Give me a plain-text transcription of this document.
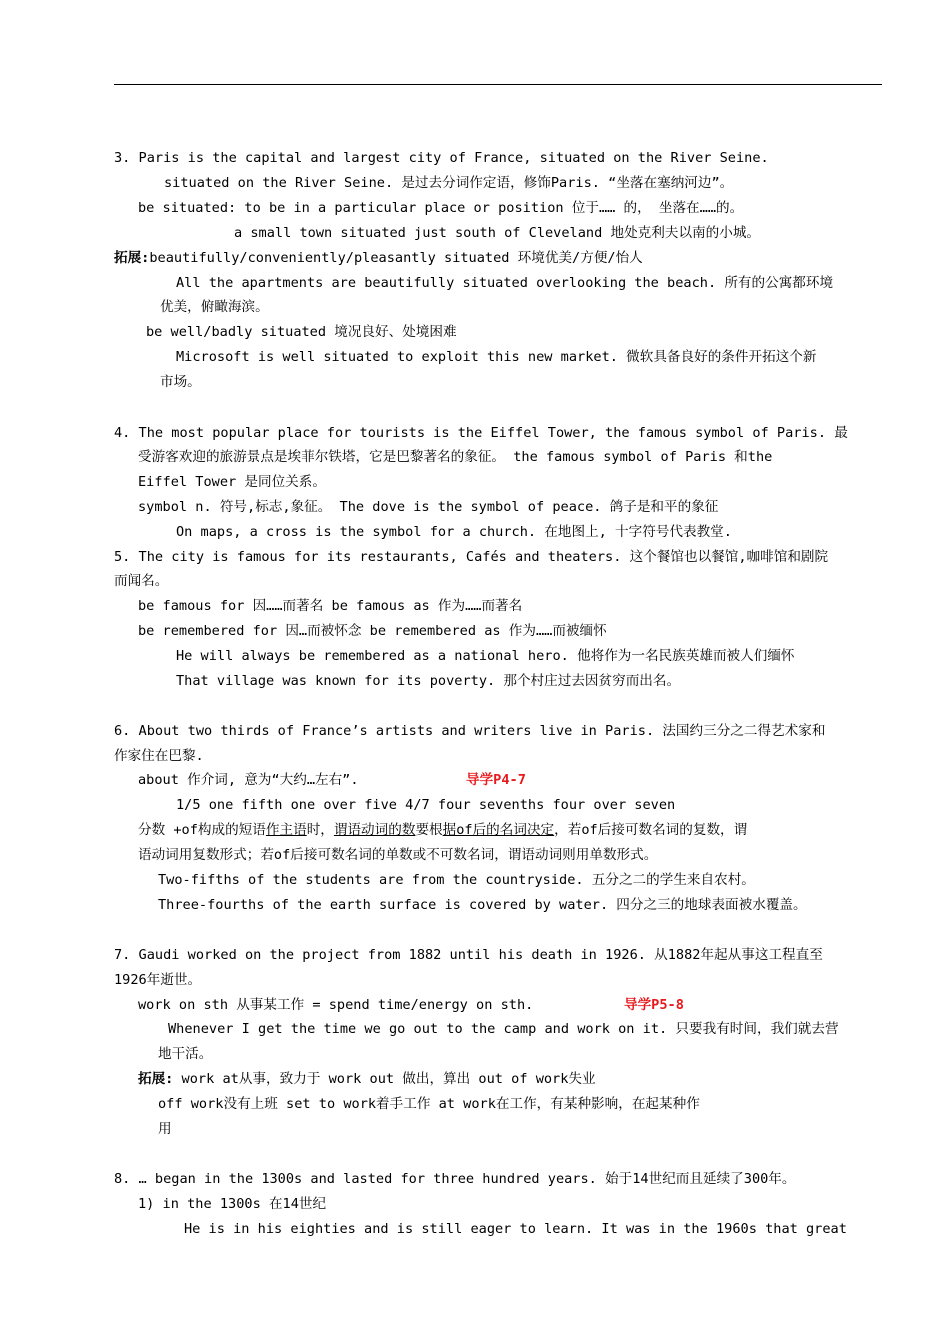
3. Paris is the capital and largest city of France, situated on the River Seine.
situated on the River Seine. 是过去分词作定语，修饰Paris. “坐落在塞纳河边”。
be situated: to be in a particular place or position 位于…… 的， 坐落在……的。
a small town situated just south of Cleveland 地处克利夫以南的小城。
拓展:beautifully/conveniently/pleasantly situated 环境优美/方便/怡人
All the apartments are beautifully situated overlooking the beach. 所有的公寓都环境
优美，俯瞰海滨。
be well/badly situated 境况良好、处境困难
Microsoft is well situated to exploit this new market. 微软具备良好的条件开拓这个新
市场。
4. The most popular place for tourists is the Eiffel Tower, the famous symbol of Paris. 最
受游客欢迎的旅游景点是埃菲尔铁塔，它是巴黎著名的象征。 the famous symbol of Paris 和the
Eiffel Tower 是同位关系。
symbol n. 符号,标志,象征。 The dove is the symbol of peace. 鸽子是和平的象征
On maps, a cross is the symbol for a church. 在地图上, 十字符号代表教堂.
5. The city is famous for its restaurants, Cafés and theaters. 这个餐馆也以餐馆,咖啡馆和剧院
而闻名。
be famous for 因……而著名 be famous as 作为……而著名
be remembered for 因…而被怀念 be remembered as 作为……而被缅怀
He will always be remembered as a national hero. 他将作为一名民族英雄而被人们缅怀
That village was known for its poverty. 那个村庄过去因贫穷而出名。
6. About two thirds of France’s artists and writers live in Paris. 法国约三分之二得艺术家和
作家住在巴黎.
about 作介词, 意为“大约…左右”.	导学P4-7
1/5 one fifth one over five 4/7 four sevenths four over seven
分数 +of构成的短语作主语时，谓语动词的数要根据of后的名词决定，若of后接可数名词的复数，谓
语动词用复数形式；若of后接可数名词的单数或不可数名词，谓语动词则用单数形式。
Two-fifths of the students are from the countryside. 五分之二的学生来自农村。
Three-fourths of the earth surface is covered by water. 四分之三的地球表面被水覆盖。
7. Gaudi worked on the project from 1882 until his death in 1926. 从1882年起从事这工程直至
1926年逝世。
work on sth 从事某工作 = spend time/energy on sth.	导学P5-8
Whenever I get the time we go out to the camp and work on it. 只要我有时间，我们就去营
地干活。
拓展: work at从事，致力于 work out 做出，算出 out of work失业
off work没有上班 set to work着手工作 at work在工作，有某种影响，在起某种作
用
8. … began in the 1300s and lasted for three hundred years. 始于14世纪而且延续了300年。
1) in the 1300s 在14世纪
He is in his eighties and is still eager to learn. It was in the 1960s that great
